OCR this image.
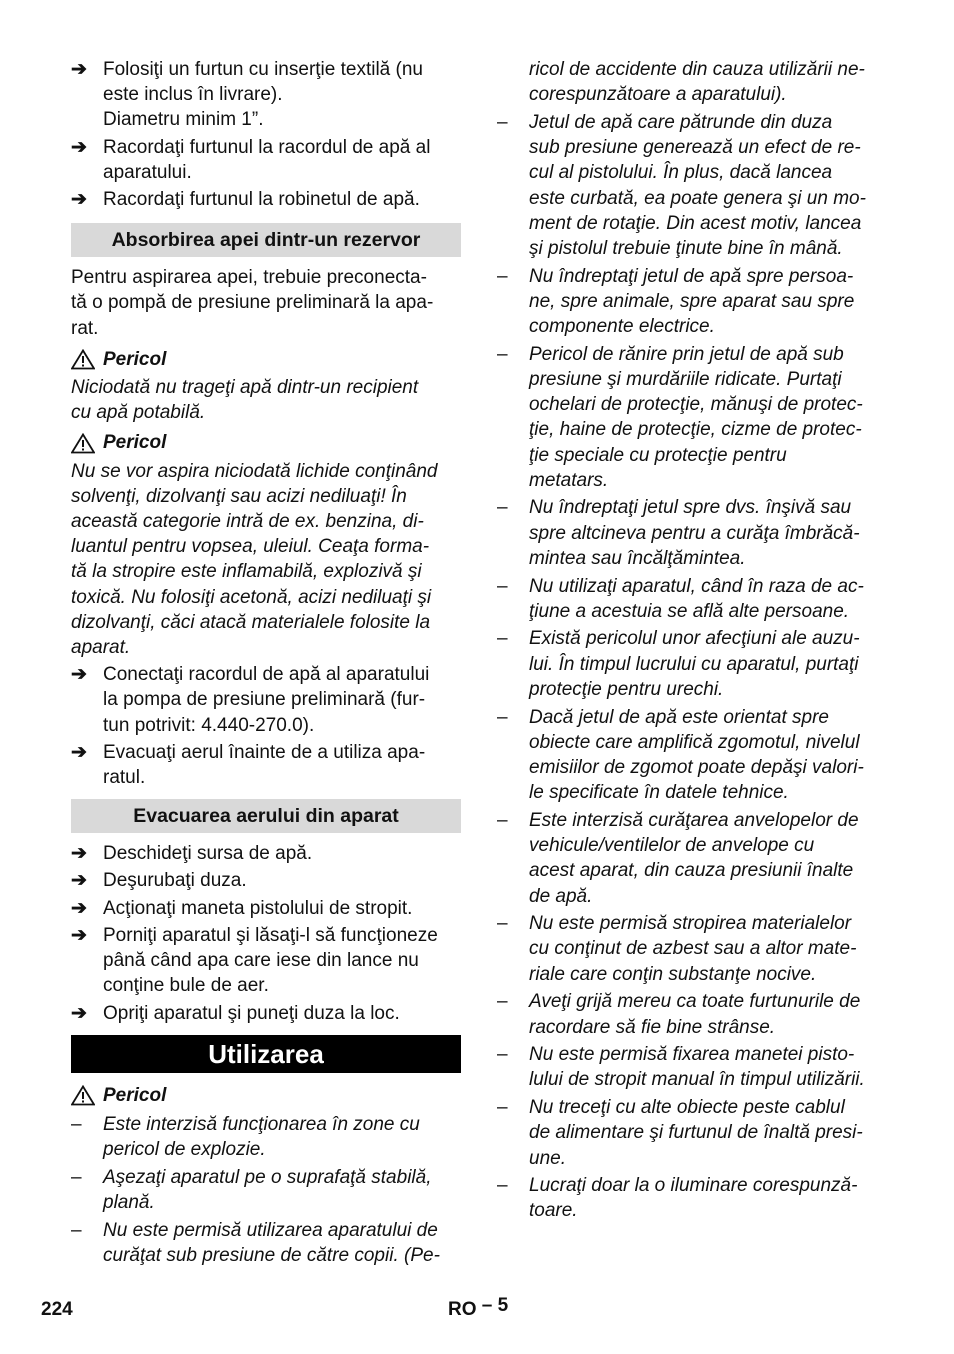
➔ Folosiţi un furtun cu inserţie textilă (nu
este inclus în livrare).
Diametru minim 1”.
➔ Racordaţi furtunul la racordul de apă al
aparatului.
➔ Racordaţi furtunul la robinetul de apă.
Absorbirea apei dintr-un rezervor

Pentru aspirarea apei, trebuie preconecta-
tă o pompă de presiune preliminară la apa-
rat.

Pericol

Niciodată nu trageţi apă dintr-un recipient
cu apă potabilă.

Pericol

Nu se vor aspira niciodată lichide conţinând
solvenţi, dizolvanţi sau acizi nediluaţi! În
această categorie intră de ex. benzina, di-
luantul pentru vopsea, uleiul. Ceaţa forma-
tă la stropire este inflamabilă, explozivă şi
toxică. Nu folosiţi acetonă, acizi nediluaţi şi
dizolvanţi, căci atacă materialele folosite la
aparat.

➔ Conectaţi racordul de apă al aparatului
la pompa de presiune preliminară (fur-
tun potrivit: 4.440-270.0).
➔ Evacuaţi aerul înainte de a utiliza apa-
ratul.
Evacuarea aerului din aparat
➔ Deschideţi sursa de apă.
➔ Deşurubaţi duza.
➔ Acţionaţi maneta pistolului de stropit.
➔ Porniţi aparatul şi lăsaţi-l să funcţioneze
până când apa care iese din lance nu
conţine bule de aer.
➔ Opriţi aparatul şi puneţi duza la loc.
Utilizarea
Pericol
–	Este interzisă funcţionarea în zone cu
pericol de explozie.
–	Aşezaţi aparatul pe o suprafaţă stabilă,
plană.
–	Nu este permisă utilizarea aparatului de
curăţat sub presiune de către copii. (Pe-
ricol de accidente din cauza utilizării ne-
corespunzătoare a aparatului).
–	Jetul de apă care pătrunde din duza
sub presiune generează un efect de re-
cul al pistolului. În plus, dacă lancea
este curbată, ea poate genera şi un mo-
ment de rotaţie. Din acest motiv, lancea
şi pistolul trebuie ţinute bine în mână.
–	Nu îndreptaţi jetul de apă spre persoa-
ne, spre animale, spre aparat sau spre
componente electrice.
–	Pericol de rănire prin jetul de apă sub
presiune şi murdăriile ridicate. Purtaţi
ochelari de protecţie, mănuşi de protec-
ţie, haine de protecţie, cizme de protec-
ţie speciale cu protecţie pentru
metatars.
–	Nu îndreptaţi jetul spre dvs. înşivă sau
spre altcineva pentru a curăţa îmbrăcă-
mintea sau încălţămintea.
–	Nu utilizaţi aparatul, când în raza de ac-
ţiune a acestuia se află alte persoane.
–	Există pericolul unor afecţiuni ale auzu-
lui. În timpul lucrului cu aparatul, purtaţi
protecţie pentru urechi.
–	Dacă jetul de apă este orientat spre
obiecte care amplifică zgomotul, nivelul
emisiilor de zgomot poate depăşi valori-
le specificate în datele tehnice.
–	Este interzisă curăţarea anvelopelor de
vehicule/ventilelor de anvelope cu
acest aparat, din cauza presiunii înalte
de apă.
–	Nu este permisă stropirea materialelor
cu conţinut de azbest sau a altor mate-
riale care conţin substanţe nocive.
–	Aveţi grijă mereu ca toate furtunurile de
racordare să fie bine strânse.
–	Nu este permisă fixarea manetei pisto-
lului de stropit manual în timpul utilizării.
–	Nu treceţi cu alte obiecte peste cablul
de alimentare şi furtunul de înaltă presi-
une.
–	Lucraţi doar la o iluminare corespunză-
toare.
224	RO – 5
